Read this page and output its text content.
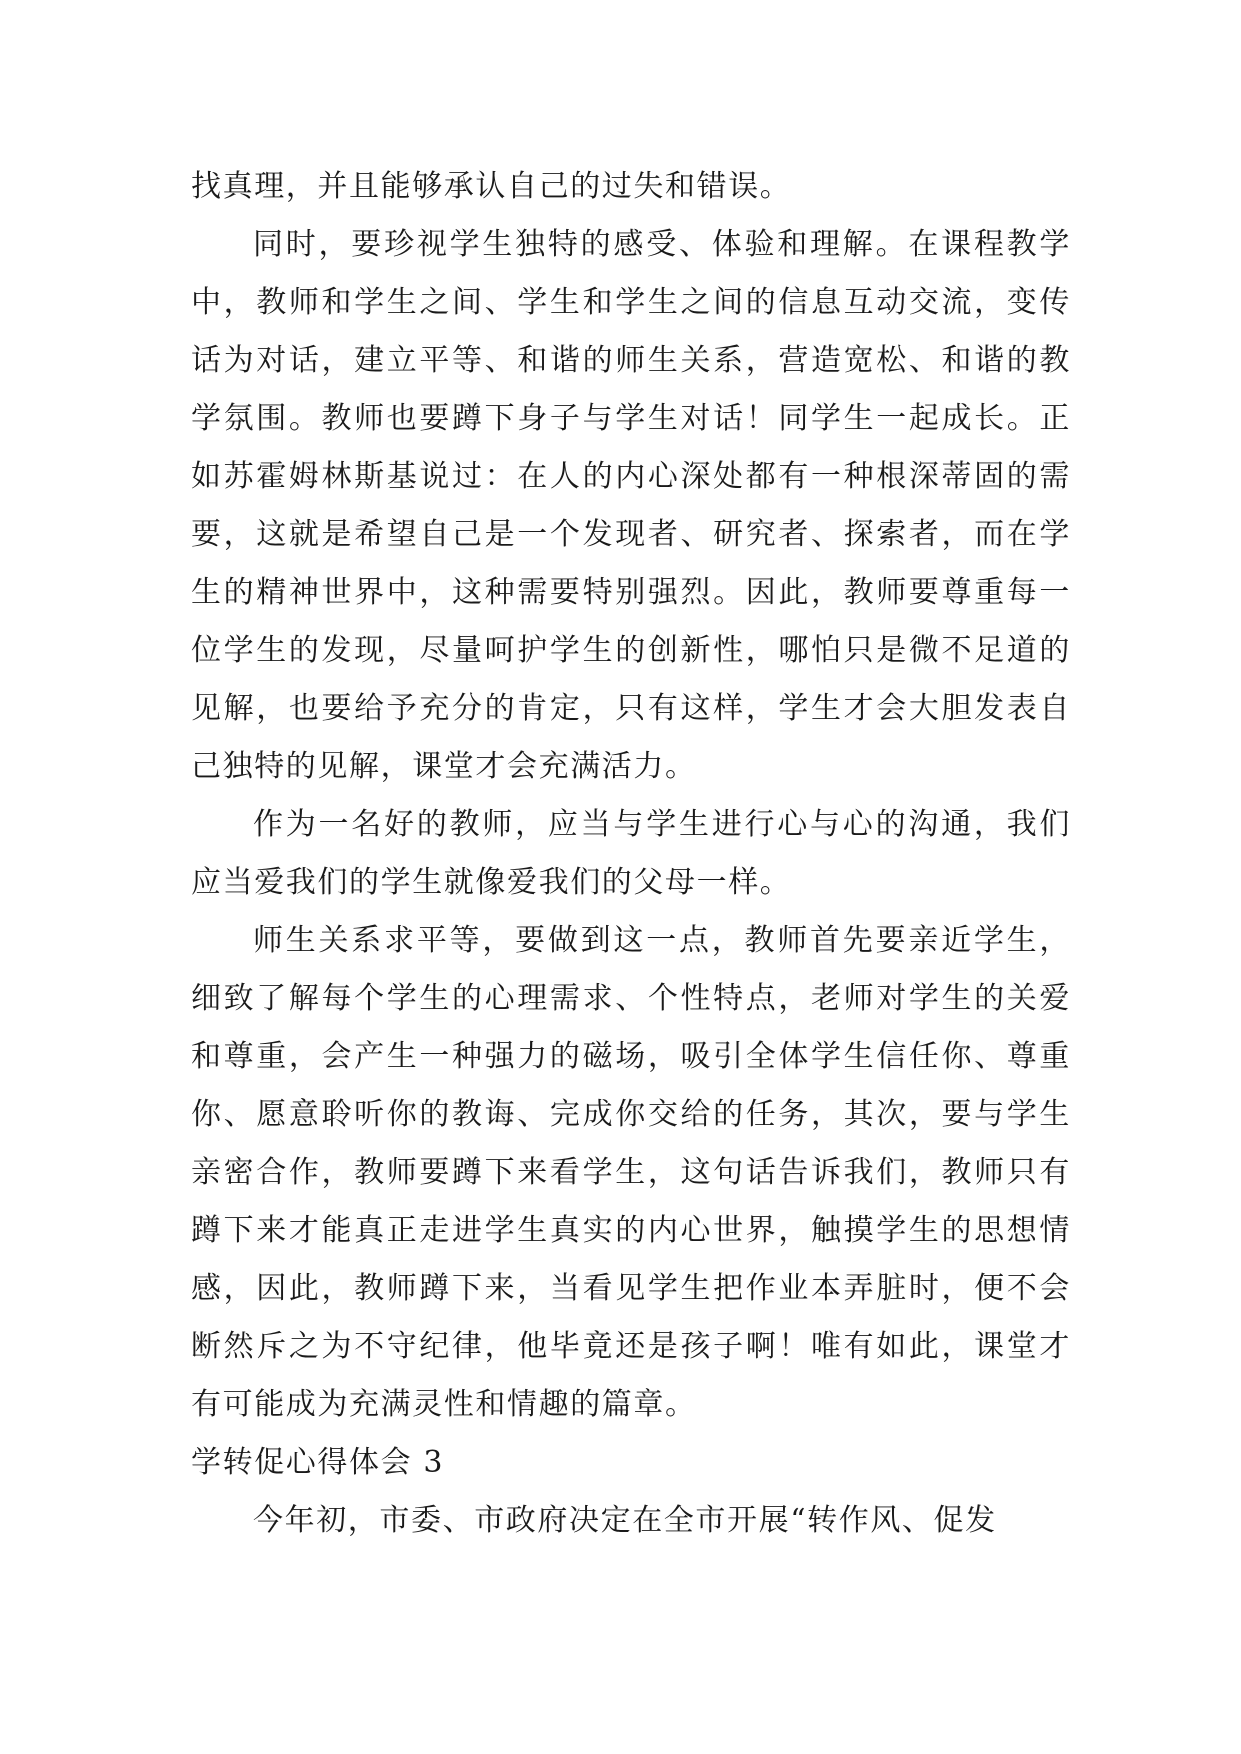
找真理，并且能够承认自己的过失和错误。

同时，要珍视学生独特的感受、体验和理解。在课程教学中，教师和学生之间、学生和学生之间的信息互动交流，变传话为对话，建立平等、和谐的师生关系，营造宽松、和谐的教学氛围。教师也要蹲下身子与学生对话！同学生一起成长。正如苏霍姆林斯基说过：在人的内心深处都有一种根深蒂固的需要，这就是希望自己是一个发现者、研究者、探索者，而在学生的精神世界中，这种需要特别强烈。因此，教师要尊重每一位学生的发现，尽量呵护学生的创新性，哪怕只是微不足道的见解，也要给予充分的肯定，只有这样，学生才会大胆发表自己独特的见解，课堂才会充满活力。

作为一名好的教师，应当与学生进行心与心的沟通，我们应当爱我们的学生就像爱我们的父母一样。

师生关系求平等，要做到这一点，教师首先要亲近学生，细致了解每个学生的心理需求、个性特点，老师对学生的关爱和尊重，会产生一种强力的磁场，吸引全体学生信任你、尊重你、愿意聆听你的教诲、完成你交给的任务，其次，要与学生亲密合作，教师要蹲下来看学生，这句话告诉我们，教师只有蹲下来才能真正走进学生真实的内心世界，触摸学生的思想情感，因此，教师蹲下来，当看见学生把作业本弄脏时，便不会断然斥之为不守纪律，他毕竟还是孩子啊！唯有如此，课堂才有可能成为充满灵性和情趣的篇章。

学转促心得体会 3

今年初，市委、市政府决定在全市开展“转作风、促发
